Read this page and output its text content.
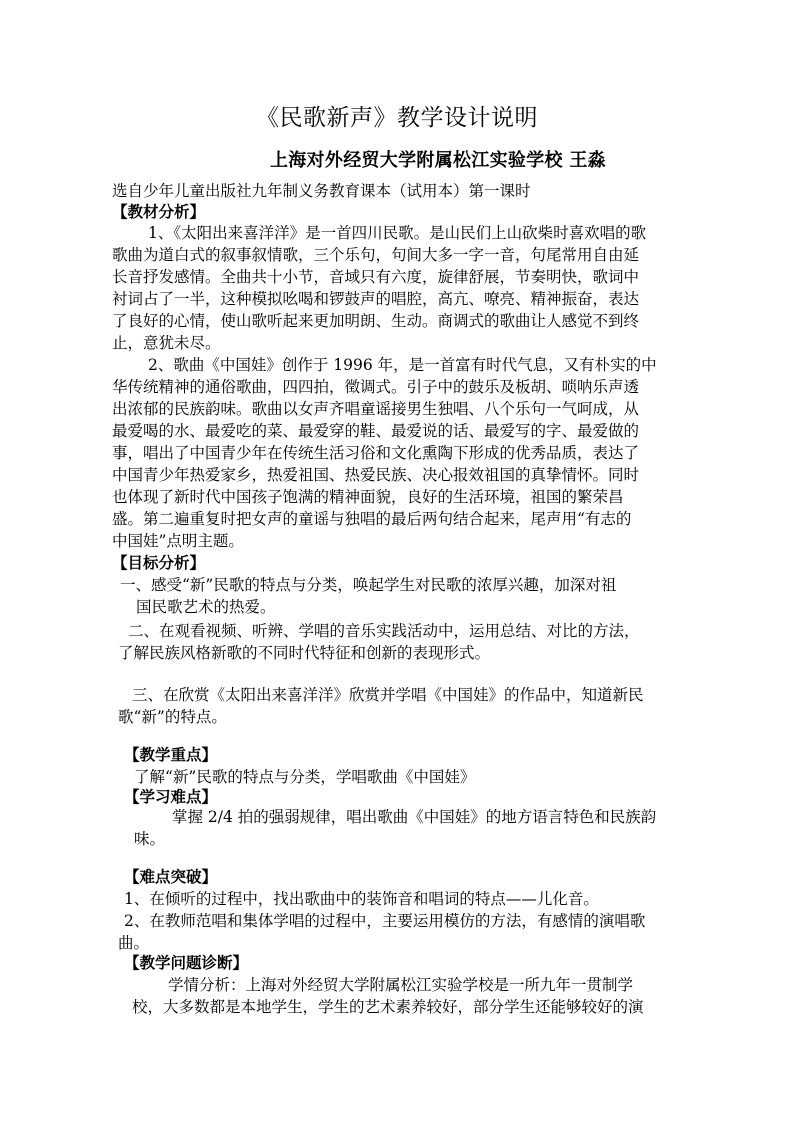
《民歌新声》教学设计说明
上海对外经贸大学附属松江实验学校 王淼
选自少年儿童出版社九年制义务教育课本（试用本）第一课时
【教材分析】
1、《太阳出来喜洋洋》是一首四川民歌。是山民们上山砍柴时喜欢唱的歌
歌曲为道白式的叙事叙情歌，三个乐句，句间大多一字一音，句尾常用自由延
长音抒发感情。全曲共十小节，音域只有六度，旋律舒展，节奏明快，歌词中
衬词占了一半，这种模拟吆喝和锣鼓声的唱腔，高亢、嘹亮、精神振奋，表达
了良好的心情，使山歌听起来更加明朗、生动。商调式的歌曲让人感觉不到终
止，意犹未尽。
2、歌曲《中国娃》创作于 1996 年，是一首富有时代气息，又有朴实的中
华传统精神的通俗歌曲，四四拍，徵调式。引子中的鼓乐及板胡、唢呐乐声透
出浓郁的民族韵味。歌曲以女声齐唱童谣接男生独唱、八个乐句一气呵成，从
最爱喝的水、最爱吃的菜、最爱穿的鞋、最爱说的话、最爱写的字、最爱做的
事，唱出了中国青少年在传统生活习俗和文化熏陶下形成的优秀品质，表达了
中国青少年热爱家乡，热爱祖国、热爱民族、决心报效祖国的真挚情怀。同时
也体现了新时代中国孩子饱满的精神面貌，良好的生活环境，祖国的繁荣昌
盛。第二遍重复时把女声的童谣与独唱的最后两句结合起来，尾声用“有志的
中国娃”点明主题。
【目标分析】
一、感受“新”民歌的特点与分类，唤起学生对民歌的浓厚兴趣，加深对祖
国民歌艺术的热爱。
二、在观看视频、听辨、学唱的音乐实践活动中，运用总结、对比的方法，
了解民族风格新歌的不同时代特征和创新的表现形式。
三、在欣赏《太阳出来喜洋洋》欣赏并学唱《中国娃》的作品中，知道新民
歌“新”的特点。
【教学重点】
了解“新”民歌的特点与分类，学唱歌曲《中国娃》
【学习难点】
掌握 2/4 拍的强弱规律，唱出歌曲《中国娃》的地方语言特色和民族韵
味。
【难点突破】
1、在倾听的过程中，找出歌曲中的装饰音和唱词的特点——儿化音。
2、在教师范唱和集体学唱的过程中，主要运用模仿的方法，有感情的演唱歌
曲。
【教学问题诊断】
学情分析：上海对外经贸大学附属松江实验学校是一所九年一贯制学
校，大多数都是本地学生，学生的艺术素养较好，部分学生还能够较好的演
